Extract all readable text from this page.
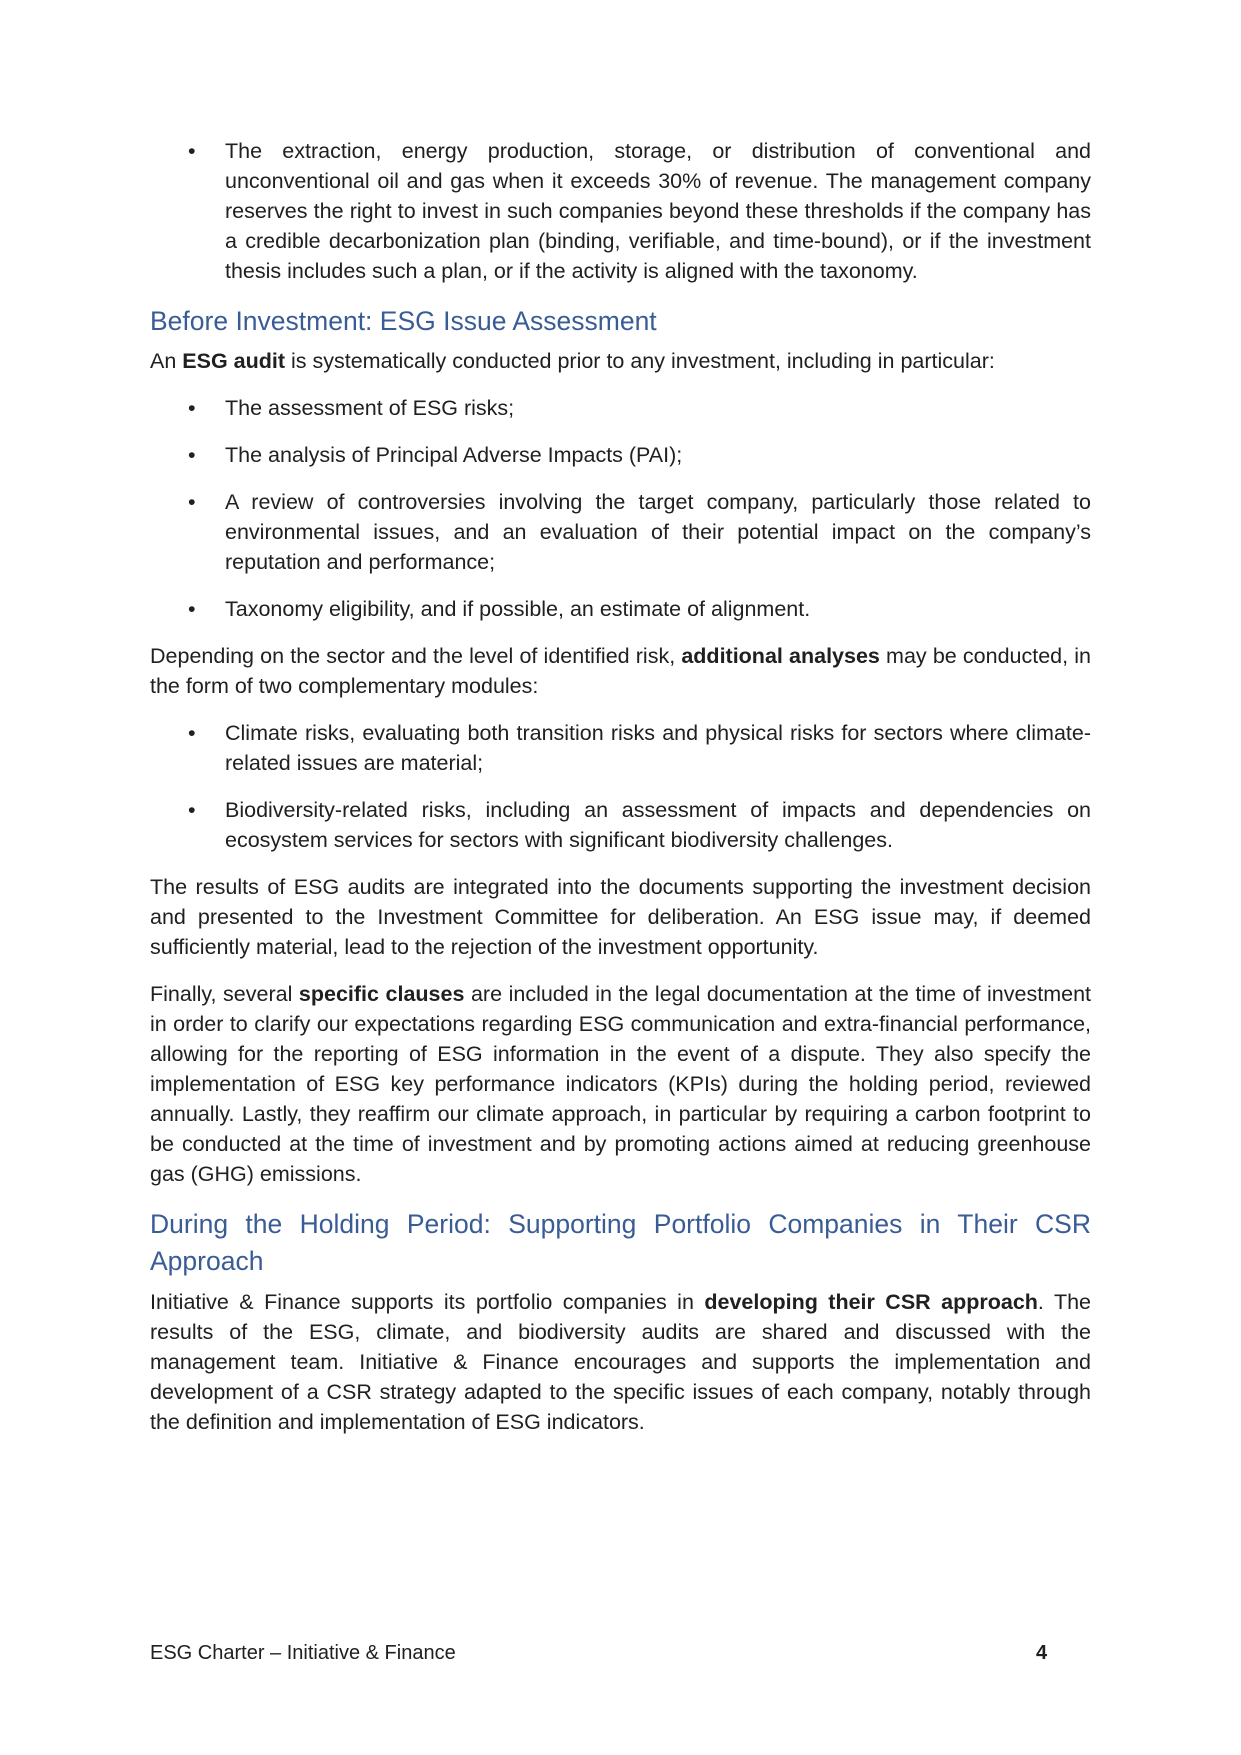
• The extraction, energy production, storage, or distribution of conventional and unconventional oil and gas when it exceeds 30% of revenue. The management company reserves the right to invest in such companies beyond these thresholds if the company has a credible decarbonization plan (binding, verifiable, and time-bound), or if the investment thesis includes such a plan, or if the activity is aligned with the taxonomy.
Before Investment: ESG Issue Assessment

An ESG audit is systematically conducted prior to any investment, including in particular:

• The assessment of ESG risks;
• The analysis of Principal Adverse Impacts (PAI);
• A review of controversies involving the target company, particularly those related to environmental issues, and an evaluation of their potential impact on the company’s reputation and performance;
• Taxonomy eligibility, and if possible, an estimate of alignment.

Depending on the sector and the level of identified risk, additional analyses may be conducted, in the form of two complementary modules:

• Climate risks, evaluating both transition risks and physical risks for sectors where climate-related issues are material;
• Biodiversity-related risks, including an assessment of impacts and dependencies on ecosystem services for sectors with significant biodiversity challenges.

The results of ESG audits are integrated into the documents supporting the investment decision and presented to the Investment Committee for deliberation. An ESG issue may, if deemed sufficiently material, lead to the rejection of the investment opportunity.

Finally, several specific clauses are included in the legal documentation at the time of investment in order to clarify our expectations regarding ESG communication and extra-financial performance, allowing for the reporting of ESG information in the event of a dispute. They also specify the implementation of ESG key performance indicators (KPIs) during the holding period, reviewed annually. Lastly, they reaffirm our climate approach, in particular by requiring a carbon footprint to be conducted at the time of investment and by promoting actions aimed at reducing greenhouse gas (GHG) emissions.

During the Holding Period: Supporting Portfolio Companies in Their CSR
Approach

Initiative & Finance supports its portfolio companies in developing their CSR approach. The results of the ESG, climate, and biodiversity audits are shared and discussed with the management team. Initiative & Finance encourages and supports the implementation and development of a CSR strategy adapted to the specific issues of each company, notably through the definition and implementation of ESG indicators.

ESG Charter – Initiative & Finance	4
